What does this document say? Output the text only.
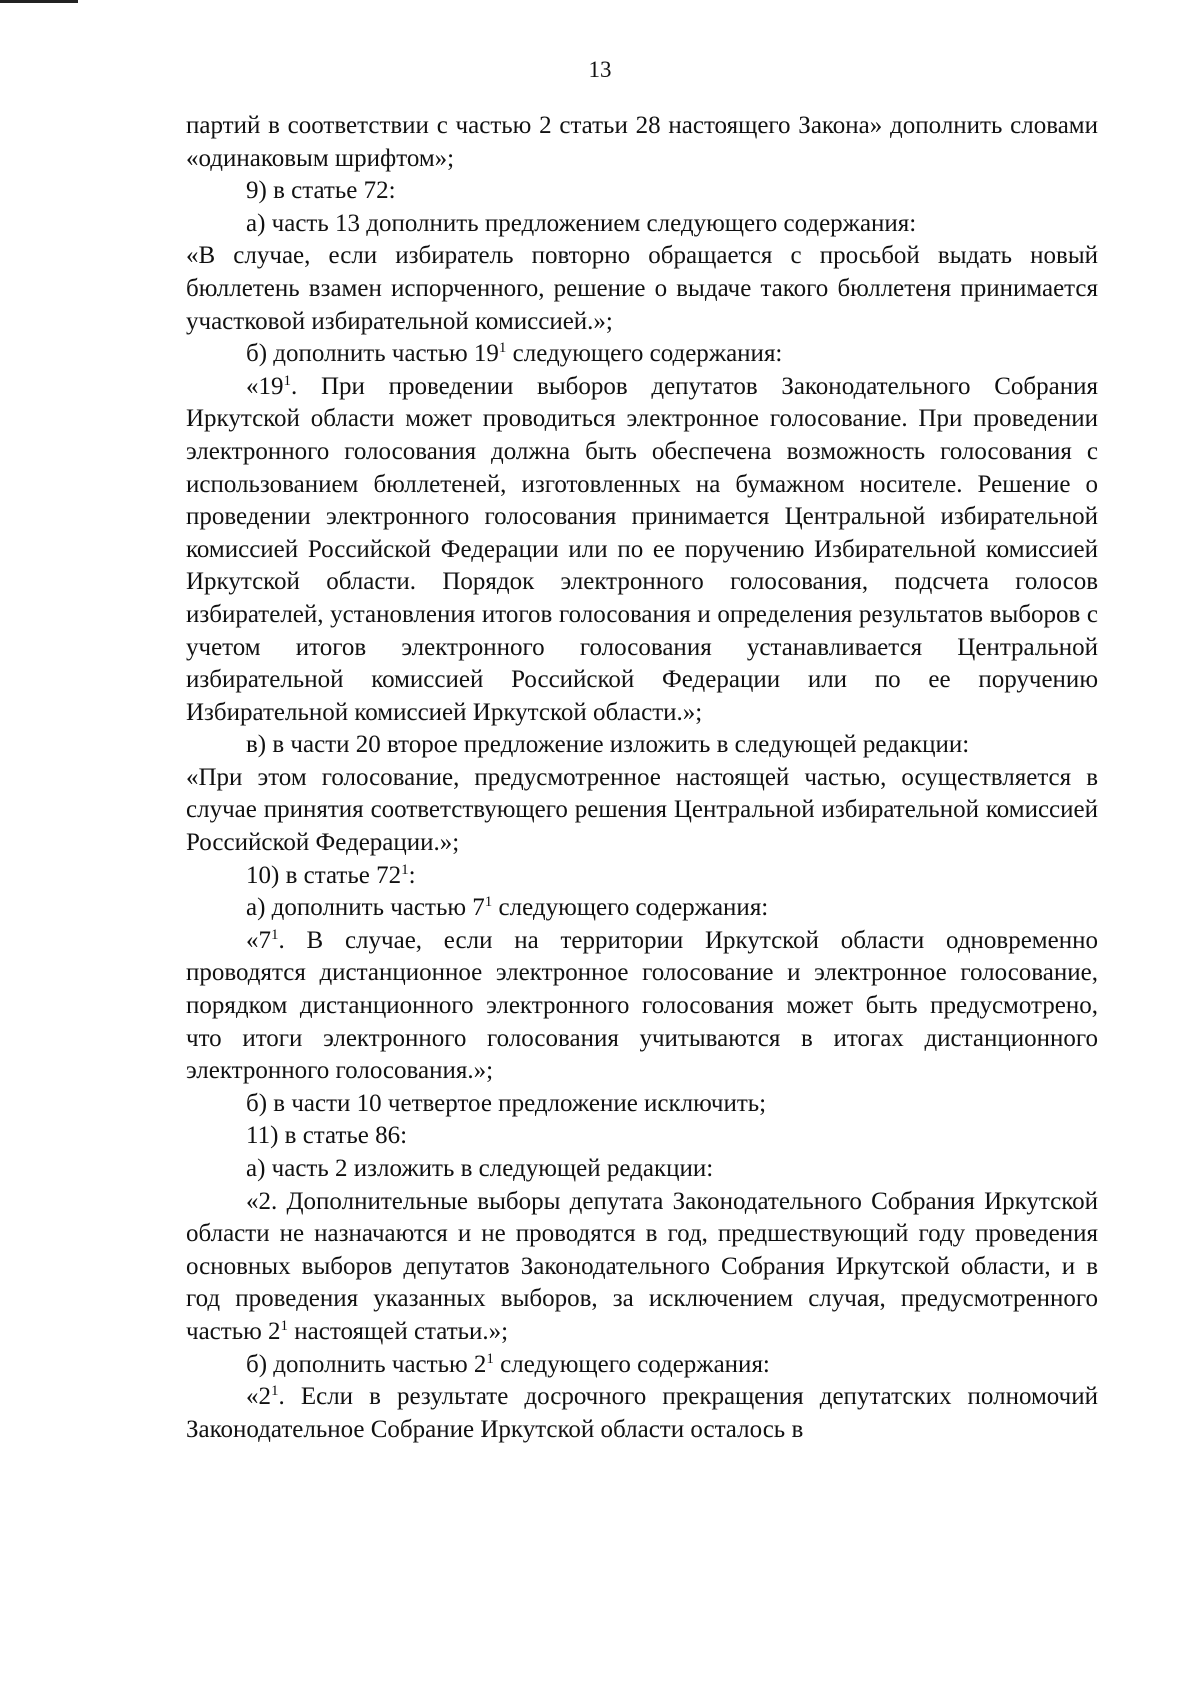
13

партий в соответствии с частью 2 статьи 28 настоящего Закона» дополнить словами «одинаковым шрифтом»;

9) в статье 72:

а) часть 13 дополнить предложением следующего содержания:

«В случае, если избиратель повторно обращается с просьбой выдать новый бюллетень взамен испорченного, решение о выдаче такого бюллетеня принимается участковой избирательной комиссией.»;

б) дополнить частью $19^1$ следующего содержания:

«$19^1$. При проведении выборов депутатов Законодательного Собрания Иркутской области может проводиться электронное голосование. При проведении электронного голосования должна быть обеспечена возможность голосования с использованием бюллетеней, изготовленных на бумажном носителе. Решение о проведении электронного голосования принимается Центральной избирательной комиссией Российской Федерации или по ее поручению Избирательной комиссией Иркутской области. Порядок электронного голосования, подсчета голосов избирателей, установления итогов голосования и определения результатов выборов с учетом итогов электронного голосования устанавливается Центральной избирательной комиссией Российской Федерации или по ее поручению Избирательной комиссией Иркутской области.»;

в) в части 20 второе предложение изложить в следующей редакции:

«При этом голосование, предусмотренное настоящей частью, осуществляется в случае принятия соответствующего решения Центральной избирательной комиссией Российской Федерации.»;

10) в статье $72^1$:

а) дополнить частью $7^1$ следующего содержания:

«$7^1$. В случае, если на территории Иркутской области одновременно проводятся дистанционное электронное голосование и электронное голосование, порядком дистанционного электронного голосования может быть предусмотрено, что итоги электронного голосования учитываются в итогах дистанционного электронного голосования.»;

б) в части 10 четвертое предложение исключить;

11) в статье 86:

а) часть 2 изложить в следующей редакции:

«2. Дополнительные выборы депутата Законодательного Собрания Иркутской области не назначаются и не проводятся в год, предшествующий году проведения основных выборов депутатов Законодательного Собрания Иркутской области, и в год проведения указанных выборов, за исключением случая, предусмотренного частью $2^1$ настоящей статьи.»;

б) дополнить частью $2^1$ следующего содержания:

«$2^1$. Если в результате досрочного прекращения депутатских полномочий Законодательное Собрание Иркутской области осталось в
